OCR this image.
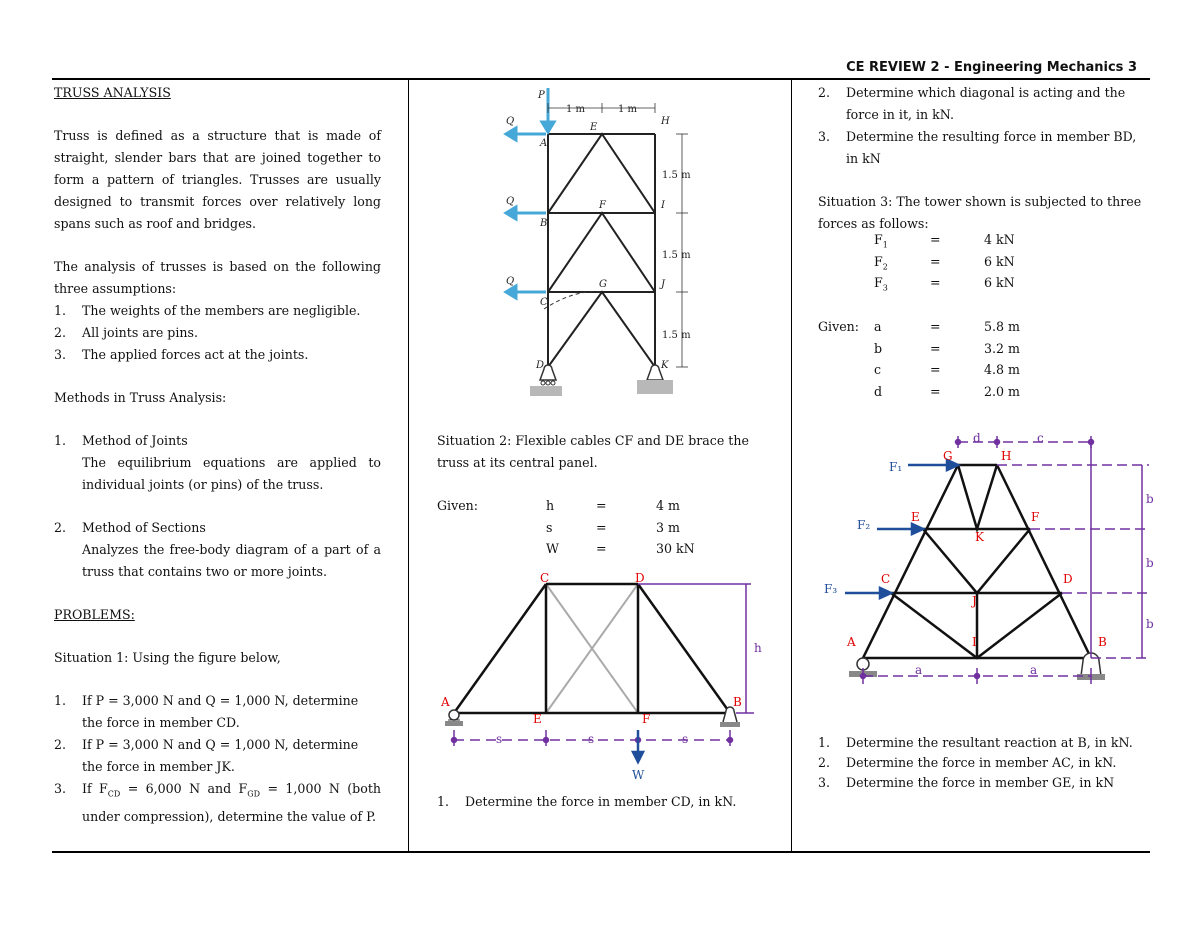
CE REVIEW 2 - Engineering Mechanics 3

TRUSS ANALYSIS

Truss is defined as a structure that is made of straight, slender bars that are joined together to form a pattern of triangles. Trusses are usually designed to transmit forces over relatively long spans such as roof and bridges.

The analysis of trusses is based on the following three assumptions:

1. The weights of the members are negligible.
2. All joints are pins.
3. The applied forces act at the joints.

Methods in Truss Analysis:

1. Method of Joints
The equilibrium equations are applied to individual joints (or pins) of the truss.

2. Method of Sections
Analyzes the free-body diagram of a part of a truss that contains two or more joints.

PROBLEMS:

Situation 1: Using the figure below,

1. If P = 3,000 N and Q = 1,000 N, determine the force in member CD.
2. If P = 3,000 N and Q = 1,000 N, determine the force in member JK.
3. If $F_{CD} = 6,000$ N and $F_{GD} = 1,000$ N (both under compression), determine the value of P.
P
Q
Q
Q
1 m	1 m
1.5 m
1.5 m
1.5 m
A
B
C
D
E
F
G
H
I
J
K

Situation 2: Flexible cables CF and DE brace the truss at its central panel.

Given:	h	=	4 m
	s	=	3 m
	W	=	30 kN
A
C	D
E	F
B
h
s	s	s
W
1. Determine the force in member CD, in kN.
2. Determine which diagonal is acting and the force in it, in kN.
3. Determine the resulting force in member BD, in kN

Situation 3: The tower shown is subjected to three forces as follows:

	$F_1$	=	4 kN
	$F_2$	=	6 kN
	$F_3$	=	6 kN
Given:	a	=	5.8 m
	b	=	3.2 m
	c	=	4.8 m
	d	=	2.0 m
F₁
F₂
F₃
A	B
C	D
E	F
G	H
I
J
K
d	c
a	a
b
b
b
1. Determine the resultant reaction at B, in kN.
2. Determine the force in member AC, in kN.
3. Determine the force in member GE, in kN
